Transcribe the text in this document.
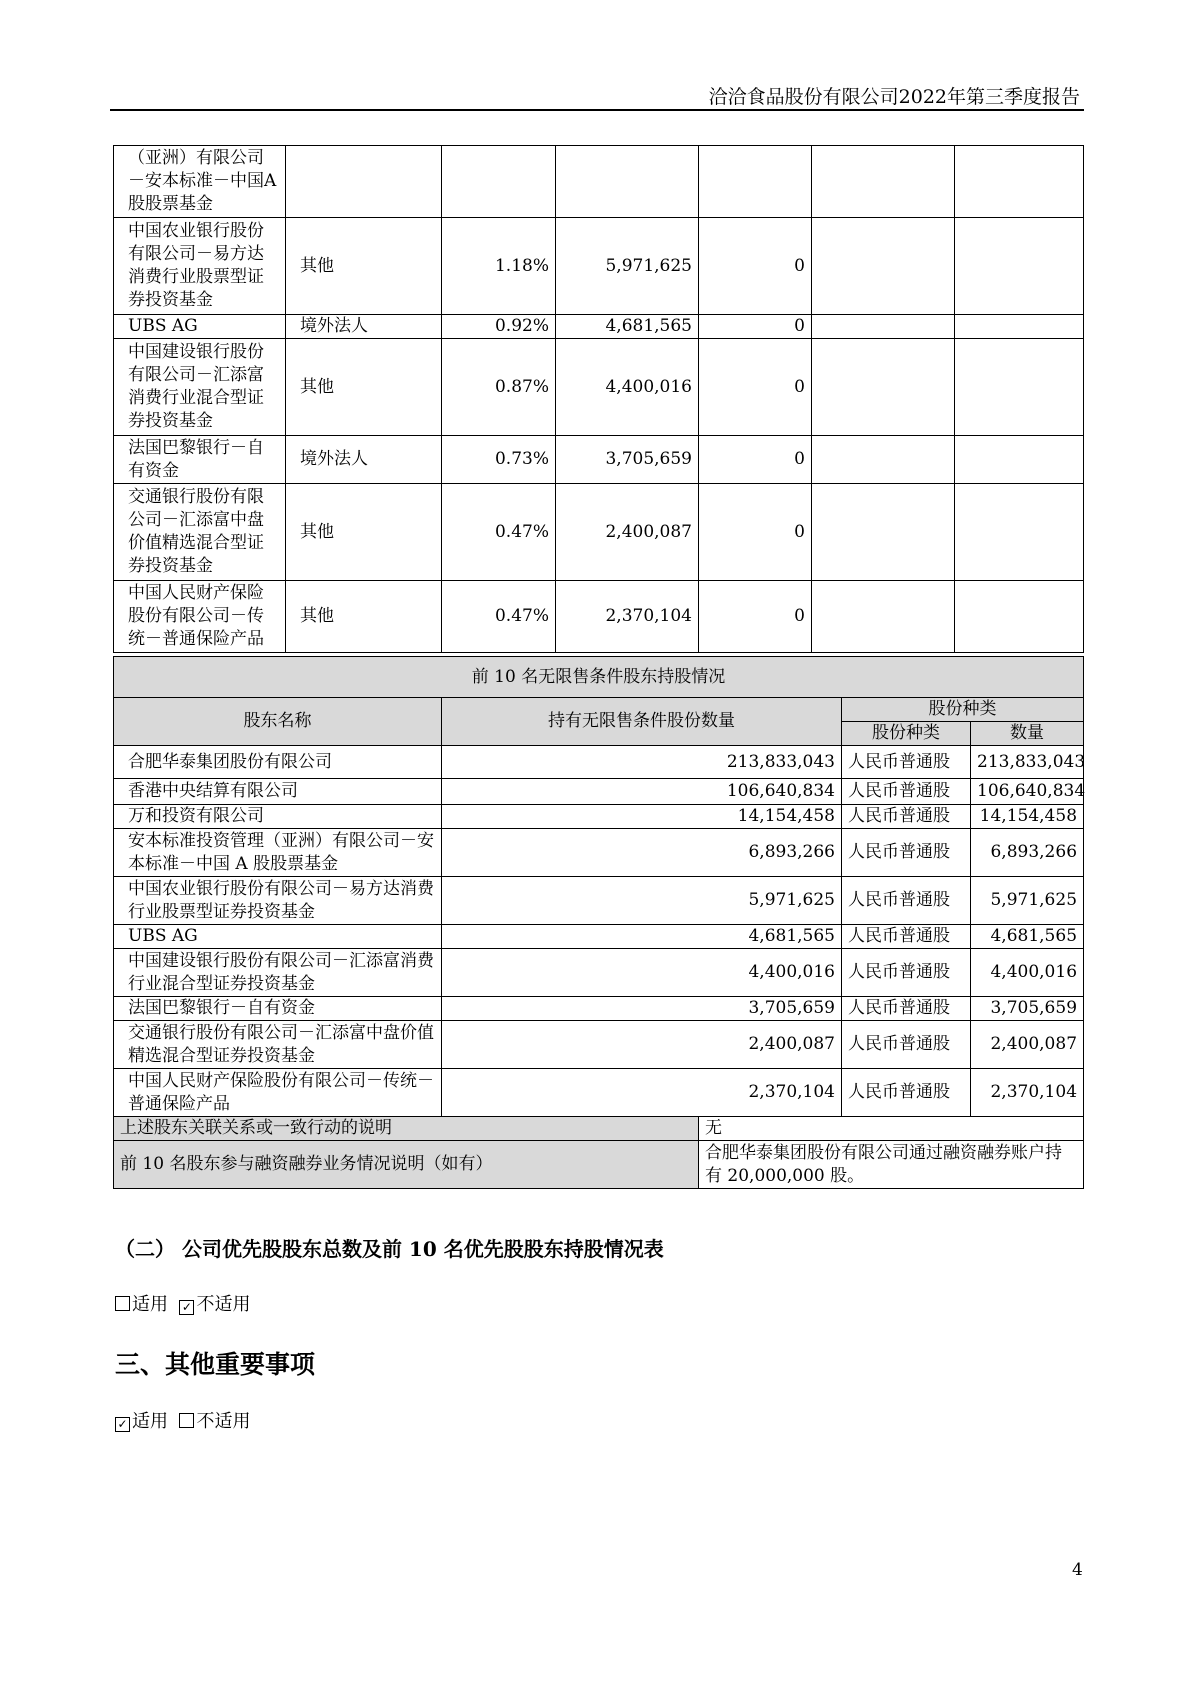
洽洽食品股份有限公司2022年第三季度报告
（亚洲）有限公司－安本标准－中国A股股票基金						
中国农业银行股份有限公司－易方达消费行业股票型证券投资基金	其他	1.18%	5,971,625	0		
UBS AG	境外法人	0.92%	4,681,565	0		
中国建设银行股份有限公司－汇添富消费行业混合型证券投资基金	其他	0.87%	4,400,016	0		
法国巴黎银行－自有资金	境外法人	0.73%	3,705,659	0		
交通银行股份有限公司－汇添富中盘价值精选混合型证券投资基金	其他	0.47%	2,400,087	0		
中国人民财产保险股份有限公司－传统－普通保险产品	其他	0.47%	2,370,104	0		
前 10 名无限售条件股东持股情况				
股东名称	持有无限售条件股份数量		股份种类	
			股份种类	数量
合肥华泰集团股份有限公司	213,833,043		人民币普通股	213,833,043
香港中央结算有限公司	106,640,834		人民币普通股	106,640,834
万和投资有限公司	14,154,458		人民币普通股	14,154,458
安本标准投资管理（亚洲）有限公司－安本标准－中国 A 股股票基金	6,893,266		人民币普通股	6,893,266
中国农业银行股份有限公司－易方达消费行业股票型证券投资基金	5,971,625		人民币普通股	5,971,625
UBS AG	4,681,565		人民币普通股	4,681,565
中国建设银行股份有限公司－汇添富消费行业混合型证券投资基金	4,400,016		人民币普通股	4,400,016
法国巴黎银行－自有资金	3,705,659		人民币普通股	3,705,659
交通银行股份有限公司－汇添富中盘价值精选混合型证券投资基金	2,400,087		人民币普通股	2,400,087
中国人民财产保险股份有限公司－传统－普通保险产品	2,370,104		人民币普通股	2,370,104
上述股东关联关系或一致行动的说明		无		
前 10 名股东参与融资融券业务情况说明（如有）		合肥华泰集团股份有限公司通过融资融券账户持有 20,000,000 股。		
（二） 公司优先股股东总数及前 10 名优先股股东持股情况表
适用 ✓ 不适用
三、其他重要事项
✓ 适用 不适用
4
